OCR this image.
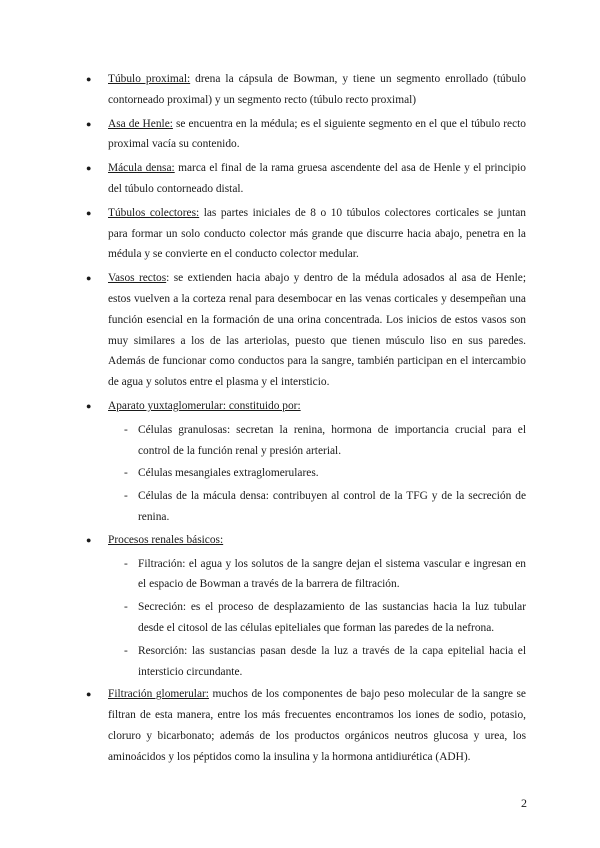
● Túbulo proximal: drena la cápsula de Bowman, y tiene un segmento enrollado (túbulo contorneado proximal) y un segmento recto (túbulo recto proximal)
● Asa de Henle: se encuentra en la médula; es el siguiente segmento en el que el túbulo recto proximal vacía su contenido.
● Mácula densa: marca el final de la rama gruesa ascendente del asa de Henle y el principio del túbulo contorneado distal.
● Túbulos colectores: las partes iniciales de 8 o 10 túbulos colectores corticales se juntan para formar un solo conducto colector más grande que discurre hacia abajo, penetra en la médula y se convierte en el conducto colector medular.
● Vasos rectos: se extienden hacia abajo y dentro de la médula adosados al asa de Henle; estos vuelven a la corteza renal para desembocar en las venas corticales y desempeñan una función esencial en la formación de una orina concentrada. Los inicios de estos vasos son muy similares a los de las arteriolas, puesto que tienen músculo liso en sus paredes. Además de funcionar como conductos para la sangre, también participan en el intercambio de agua y solutos entre el plasma y el intersticio.
● Aparato yuxtaglomerular: constituido por:
- Células granulosas: secretan la renina, hormona de importancia crucial para el control de la función renal y presión arterial.
- Células mesangiales extraglomerulares.
- Células de la mácula densa: contribuyen al control de la TFG y de la secreción de renina.
● Procesos renales básicos:
- Filtración: el agua y los solutos de la sangre dejan el sistema vascular e ingresan en el espacio de Bowman a través de la barrera de filtración.
- Secreción: es el proceso de desplazamiento de las sustancias hacia la luz tubular desde el citosol de las células epiteliales que forman las paredes de la nefrona.
- Resorción: las sustancias pasan desde la luz a través de la capa epitelial hacia el intersticio circundante.
● Filtración glomerular: muchos de los componentes de bajo peso molecular de la sangre se filtran de esta manera, entre los más frecuentes encontramos los iones de sodio, potasio, cloruro y bicarbonato; además de los productos orgánicos neutros glucosa y urea, los aminoácidos y los péptidos como la insulina y la hormona antidiurética (ADH).
2
